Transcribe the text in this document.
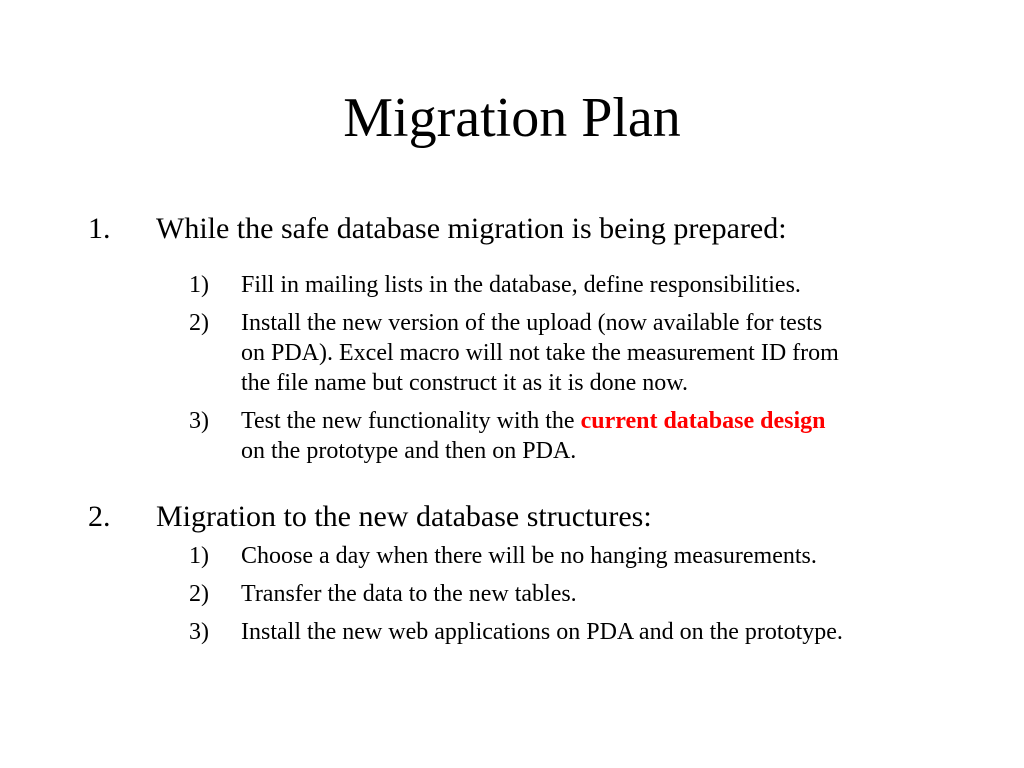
Migration Plan
1. While the safe database migration is being prepared:
1) Fill in mailing lists in the database, define responsibilities.
2) Install the new version of the upload (now available for tests
on PDA). Excel macro will not take the measurement ID from
the file name but construct it as it is done now.
3) Test the new functionality with the current database design
on the prototype and then on PDA.
2. Migration to the new database structures:
1) Choose a day when there will be no hanging measurements.
2) Transfer the data to the new tables.
3) Install the new web applications on PDA and on the prototype.
